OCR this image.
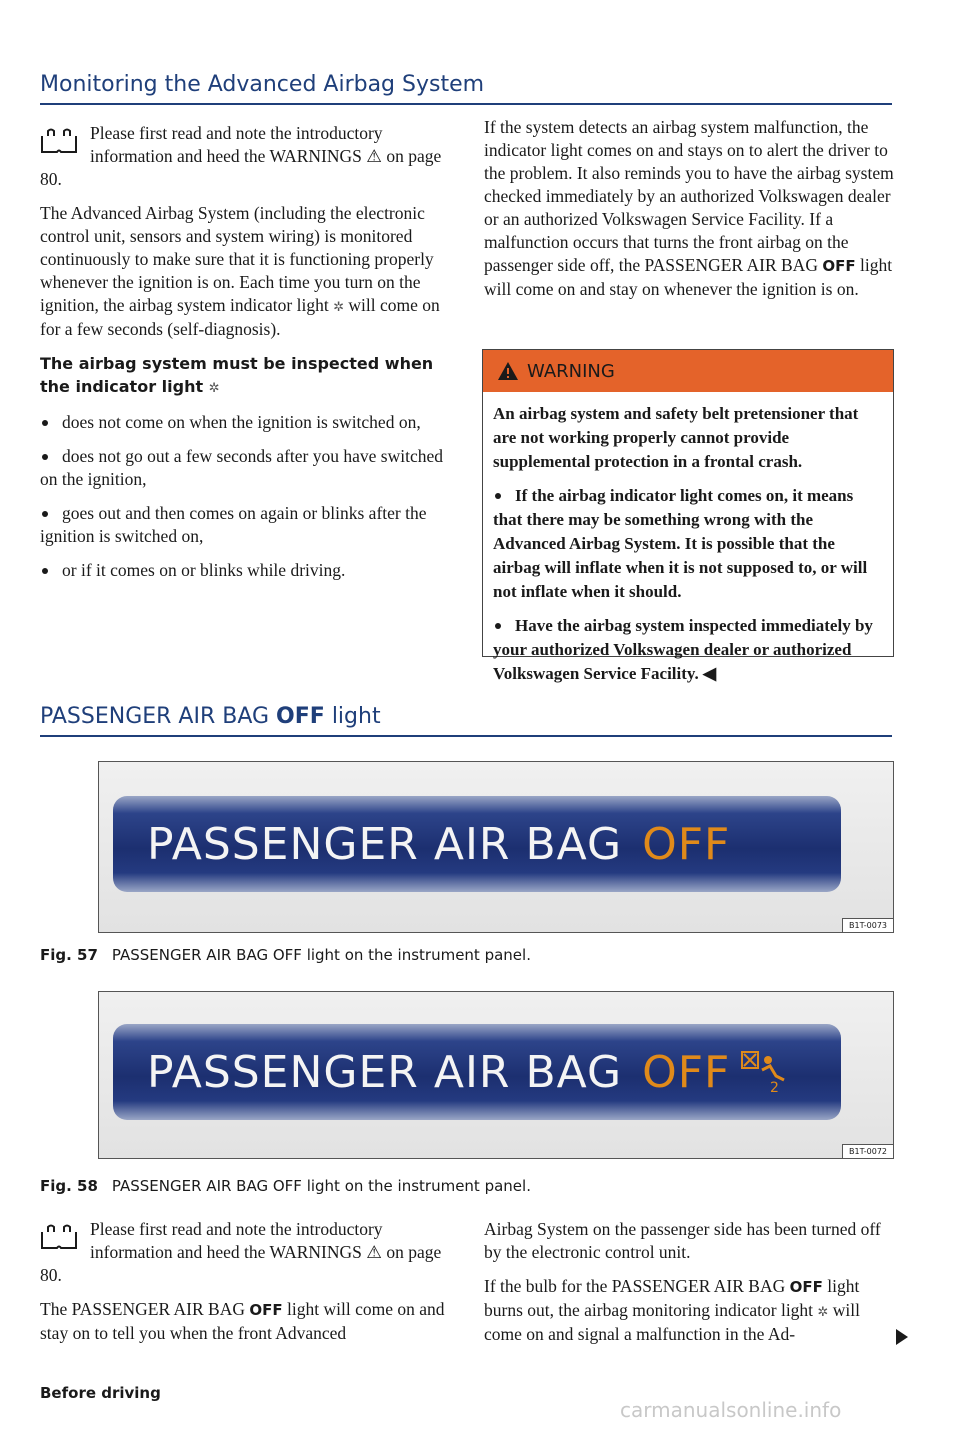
Monitoring the Advanced Airbag System

Please first read and note the introductory information and heed the WARNINGS ⚠ on page 80.

The Advanced Airbag System (including the electronic control unit, sensors and system wiring) is monitored continuously to make sure that it is functioning properly whenever the ignition is on. Each time you turn on the ignition, the airbag system indicator light ✲ will come on for a few seconds (self-diagnosis).

The airbag system must be inspected when the indicator light ✲

does not come on when the ignition is switched on,

does not go out a few seconds after you have switched on the ignition,

goes out and then comes on again or blinks after the ignition is switched on,

or if it comes on or blinks while driving.

If the system detects an airbag system malfunction, the indicator light comes on and stays on to alert the driver to the problem. It also reminds you to have the airbag system checked immediately by an authorized Volkswagen dealer or an authorized Volkswagen Service Facility. If a malfunction occurs that turns the front airbag on the passenger side off, the PASSENGER AIR BAG OFF light will come on and stay on whenever the ignition is on.

WARNING

An airbag system and safety belt pretensioner that are not working properly cannot provide supplemental protection in a frontal crash.

If the airbag indicator light comes on, it means that there may be something wrong with the Advanced Airbag System. It is possible that the airbag will inflate when it is not supposed to, or will not inflate when it should.

Have the airbag system inspected immediately by your authorized Volkswagen dealer or authorized Volkswagen Service Facility. ◀

PASSENGER AIR BAG OFF light
PASSENGER AIR BAG OFF
B1T-0073
Fig. 57 PASSENGER AIR BAG OFF light on the instrument panel.
PASSENGER AIR BAG OFF	2
B1T-0072
Fig. 58 PASSENGER AIR BAG OFF light on the instrument panel.

Please first read and note the introductory information and heed the WARNINGS ⚠ on page 80.

The PASSENGER AIR BAG OFF light will come on and stay on to tell you when the front Advanced

Airbag System on the passenger side has been turned off by the electronic control unit.

If the bulb for the PASSENGER AIR BAG OFF light burns out, the airbag monitoring indicator light ✲ will come on and signal a malfunction in the Ad-

Before driving
carmanualsonline.info
